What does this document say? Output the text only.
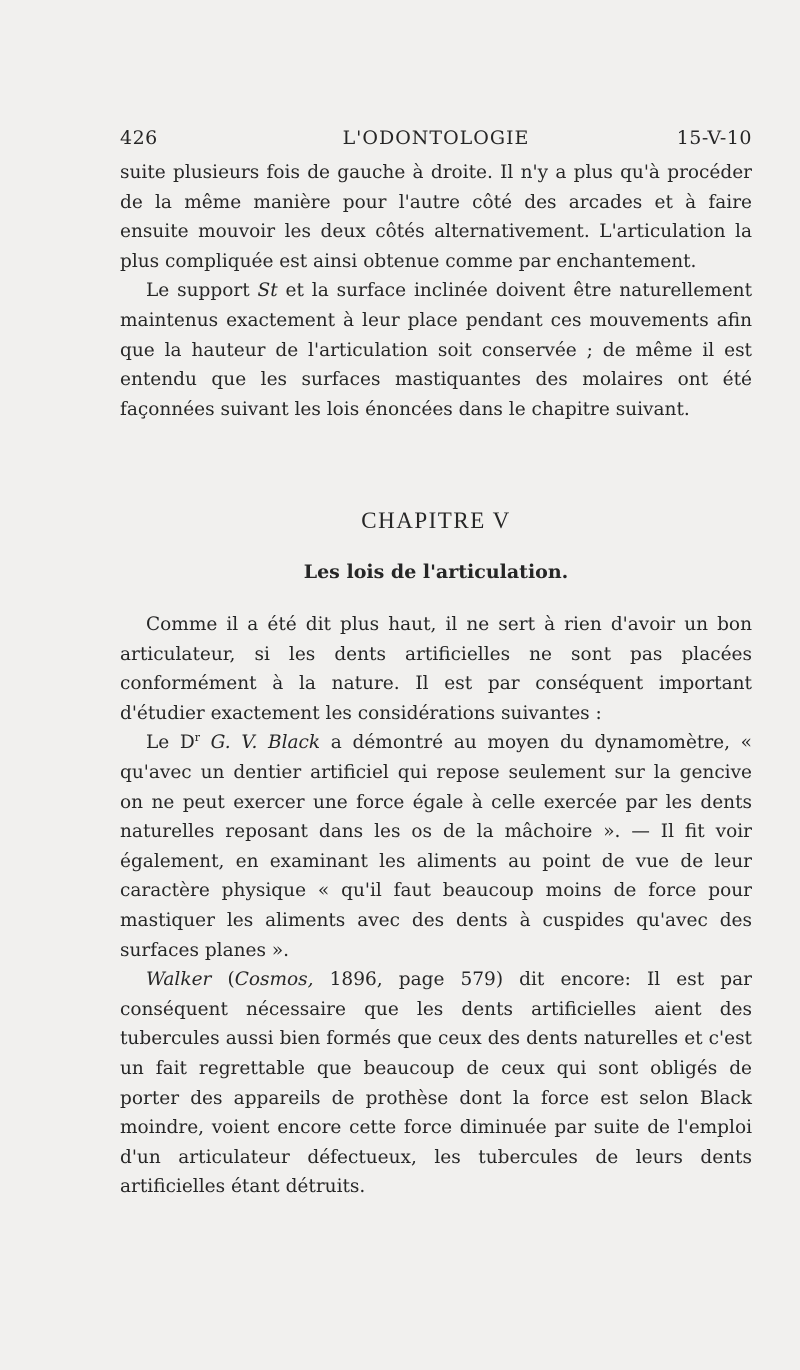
426	L'ODONTOLOGIE	15-V-10

suite plusieurs fois de gauche à droite. Il n'y a plus qu'à procéder de la même manière pour l'autre côté des arcades et à faire ensuite mouvoir les deux côtés alternativement. L'articulation la plus compliquée est ainsi obtenue comme par enchantement.

Le support St et la surface inclinée doivent être naturellement maintenus exactement à leur place pendant ces mouvements afin que la hauteur de l'articulation soit conservée ; de même il est entendu que les surfaces mastiquantes des molaires ont été façonnées suivant les lois énoncées dans le chapitre suivant.

CHAPITRE V
Les lois de l'articulation.

Comme il a été dit plus haut, il ne sert à rien d'avoir un bon articulateur, si les dents artificielles ne sont pas placées conformément à la nature. Il est par conséquent important d'étudier exactement les considérations suivantes :

Le $D^r$ G. V. Black a démontré au moyen du dynamomètre, « qu'avec un dentier artificiel qui repose seulement sur la gencive on ne peut exercer une force égale à celle exercée par les dents naturelles reposant dans les os de la mâchoire ». — Il fit voir également, en examinant les aliments au point de vue de leur caractère physique « qu'il faut beaucoup moins de force pour mastiquer les aliments avec des dents à cuspides qu'avec des surfaces planes ».

Walker (Cosmos, 1896, page 579) dit encore: Il est par conséquent nécessaire que les dents artificielles aient des tubercules aussi bien formés que ceux des dents naturelles et c'est un fait regrettable que beaucoup de ceux qui sont obligés de porter des appareils de prothèse dont la force est selon Black moindre, voient encore cette force diminuée par suite de l'emploi d'un articulateur défectueux, les tubercules de leurs dents artificielles étant détruits.
